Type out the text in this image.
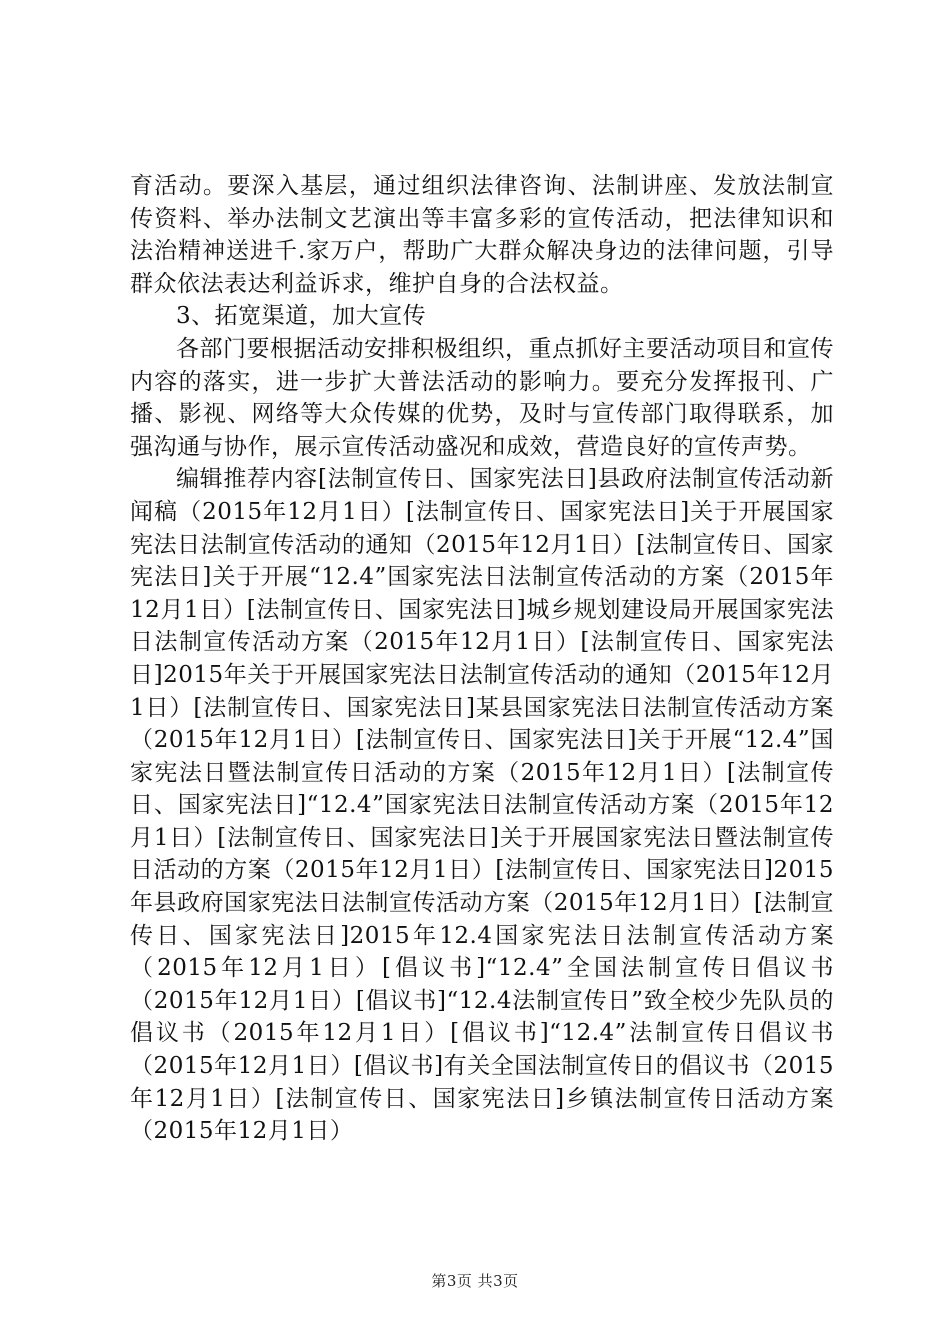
育活动。要深入基层，通过组织法律咨询、法制讲座、发放法制宣传资料、举办法制文艺演出等丰富多彩的宣传活动，把法律知识和法治精神送进千.家万户，帮助广大群众解决身边的法律问题，引导群众依法表达利益诉求，维护自身的合法权益。

3、拓宽渠道，加大宣传

各部门要根据活动安排积极组织，重点抓好主要活动项目和宣传内容的落实，进一步扩大普法活动的影响力。要充分发挥报刊、广播、影视、网络等大众传媒的优势，及时与宣传部门取得联系，加强沟通与协作，展示宣传活动盛况和成效，营造良好的宣传声势。

编辑推荐内容[法制宣传日、国家宪法日]县政府法制宣传活动新闻稿（2015年12月1日）[法制宣传日、国家宪法日]关于开展国家宪法日法制宣传活动的通知（2015年12月1日）[法制宣传日、国家宪法日]关于开展“12.4”国家宪法日法制宣传活动的方案（2015年12月1日）[法制宣传日、国家宪法日]城乡规划建设局开展国家宪法日法制宣传活动方案（2015年12月1日）[法制宣传日、国家宪法日]2015年关于开展国家宪法日法制宣传活动的通知（2015年12月1日）[法制宣传日、国家宪法日]某县国家宪法日法制宣传活动方案（2015年12月1日）[法制宣传日、国家宪法日]关于开展“12.4”国家宪法日暨法制宣传日活动的方案（2015年12月1日）[法制宣传日、国家宪法日]“12.4”国家宪法日法制宣传活动方案（2015年12月1日）[法制宣传日、国家宪法日]关于开展国家宪法日暨法制宣传日活动的方案（2015年12月1日）[法制宣传日、国家宪法日]2015年县政府国家宪法日法制宣传活动方案（2015年12月1日）[法制宣传日、国家宪法日]2015年12.4国家宪法日法制宣传活动方案（2015年12月1日）[倡议书]“12.4”全国法制宣传日倡议书（2015年12月1日）[倡议书]“12.4法制宣传日”致全校少先队员的倡议书（2015年12月1日）[倡议书]“12.4”法制宣传日倡议书（2015年12月1日）[倡议书]有关全国法制宣传日的倡议书（2015年12月1日）[法制宣传日、国家宪法日]乡镇法制宣传日活动方案（2015年12月1日）

第3页 共3页
